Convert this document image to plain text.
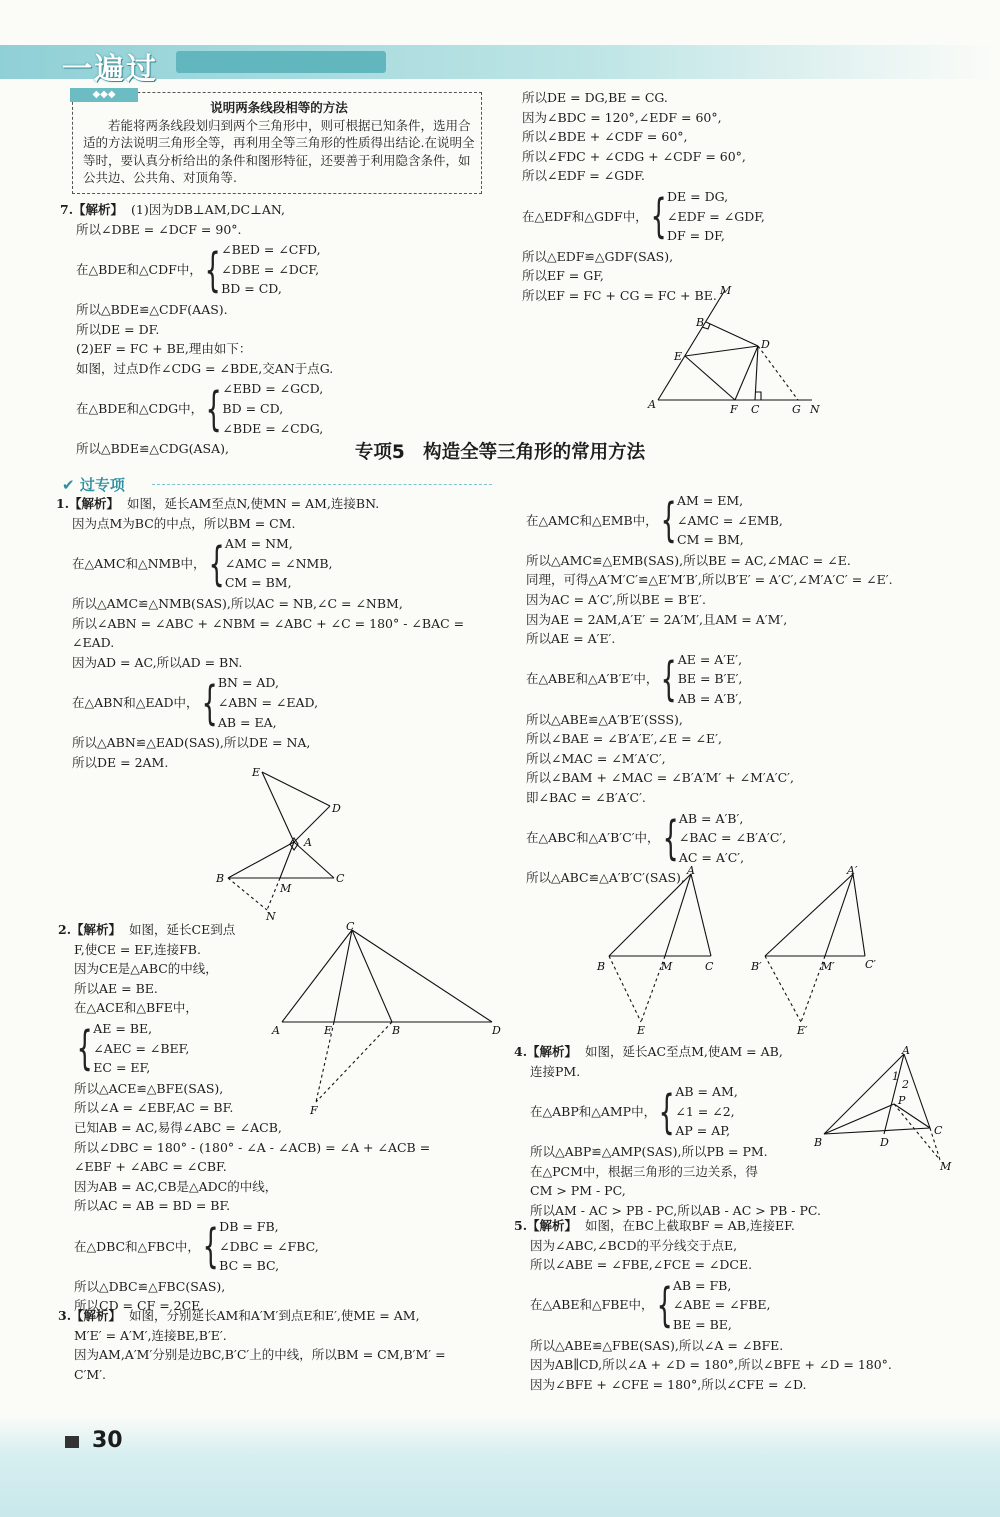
一遍过
说明两条线段相等的方法
若能将两条线段划归到两个三角形中，则可根据已知条件，选用合适的方法说明三角形全等，再利用全等三角形的性质得出结论.在说明全等时，要认真分析给出的条件和图形特征，还要善于利用隐含条件，如公共边、公共角、对顶角等.
◆◆◆

7.【解析】 (1)因为DB⊥AM,DC⊥AN,

所以∠DBE = ∠DCF = 90°.

在△BDE和△CDF中， { ∠BED = ∠CFD,
∠DBE = ∠DCF,
BD = CD,

所以△BDE≌△CDF(AAS).

所以DE = DF.

(2)EF = FC + BE,理由如下：

如图，过点D作∠CDG = ∠BDE,交AN于点G.

在△BDE和△CDG中， { ∠EBD = ∠GCD,
BD = CD,
∠BDE = ∠CDG,

所以△BDE≌△CDG(ASA),

所以DE = DG,BE = CG.

因为∠BDC = 120°,∠EDF = 60°,

所以∠BDE + ∠CDF = 60°,

所以∠FDC + ∠CDG + ∠CDF = 60°,

所以∠EDF = ∠GDF.

在△EDF和△GDF中， { DE = DG,
∠EDF = ∠GDF,
DF = DF,

所以△EDF≌△GDF(SAS),

所以EF = GF,

所以EF = FC + CG = FC + BE. M
B
E
D
A	F C	G N
专项5　构造全等三角形的常用方法
✔ 过专项

1.【解析】 如图，延长AM至点N,使MN = AM,连接BN.

因为点M为BC的中点，所以BM = CM.

在△AMC和△NMB中， { AM = NM,
∠AMC = ∠NMB,
CM = BM,

所以△AMC≌△NMB(SAS),所以AC = NB,∠C = ∠NBM,

所以∠ABN = ∠ABC + ∠NBM = ∠ABC + ∠C = 180° - ∠BAC =

∠EAD.

因为AD = AC,所以AD = BN.

在△ABN和△EAD中， { BN = AD,
∠ABN = ∠EAD,
AB = EA,

所以△ABN≌△EAD(SAS),所以DE = NA,

所以DE = 2AM.

E
D
A
B
M
C
N

2.【解析】 如图，延长CE到点

F,使CE = EF,连接FB.

因为CE是△ABC的中线，

所以AE = BE.

在△ACE和△BFE中，

{ AE = BE,
∠AEC = ∠BEF,
EC = EF,

所以△ACE≌△BFE(SAS),

所以∠A = ∠EBF,AC = BF.

已知AB = AC,易得∠ABC = ∠ACB,

所以∠DBC = 180° - (180° - ∠A - ∠ACB) = ∠A + ∠ACB =

∠EBF + ∠ABC = ∠CBF.

因为AB = AC,CB是△ADC的中线，

所以AC = AB = BD = BF.

在△DBC和△FBC中， { DB = FB,
∠DBC = ∠FBC,
BC = BC,

所以△DBC≌△FBC(SAS),

所以CD = CF = 2CE.

C
A	E	B	D
F

3.【解析】 如图，分别延长AM和A′M′到点E和E′,使ME = AM,

M′E′ = A′M′,连接BE,B′E′.

因为AM,A′M′分别是边BC,B′C′上的中线，所以BM = CM,B′M′ =

C′M′.

在△AMC和△EMB中， { AM = EM,
∠AMC = ∠EMB,
CM = BM,

所以△AMC≌△EMB(SAS),所以BE = AC,∠MAC = ∠E.

同理，可得△A′M′C′≌△E′M′B′,所以B′E′ = A′C′,∠M′A′C′ = ∠E′.

因为AC = A′C′,所以BE = B′E′.

因为AE = 2AM,A′E′ = 2A′M′,且AM = A′M′,

所以AE = A′E′.

在△ABE和△A′B′E′中， { AE = A′E′,
BE = B′E′,
AB = A′B′,

所以△ABE≌△A′B′E′(SSS),

所以∠BAE = ∠B′A′E′,∠E = ∠E′,

所以∠MAC = ∠M′A′C′,

所以∠BAM + ∠MAC = ∠B′A′M′ + ∠M′A′C′,

即∠BAC = ∠B′A′C′.

在△ABC和△A′B′C′中， { AB = A′B′,
∠BAC = ∠B′A′C′,
AC = A′C′,

所以△ABC≌△A′B′C′(SAS). A
B	M	C
E
A′
B′	M′	C′
E′

4.【解析】 如图，延长AC至点M,使AM = AB,

连接PM.

在△ABP和△AMP中， { AB = AM,
∠1 = ∠2,
AP = AP,

所以△ABP≌△AMP(SAS),所以PB = PM.

在△PCM中，根据三角形的三边关系，得

CM > PM - PC,

所以AM - AC > PB - PC,所以AB - AC > PB - PC.

A
1
2
P
B	D
C
M

5.【解析】 如图，在BC上截取BF = AB,连接EF.

因为∠ABC,∠BCD的平分线交于点E,

所以∠ABE = ∠FBE,∠FCE = ∠DCE.

在△ABE和△FBE中， { AB = FB,
∠ABE = ∠FBE,
BE = BE,

所以△ABE≌△FBE(SAS),所以∠A = ∠BFE.

因为AB∥CD,所以∠A + ∠D = 180°,所以∠BFE + ∠D = 180°.

因为∠BFE + ∠CFE = 180°,所以∠CFE = ∠D.

30
